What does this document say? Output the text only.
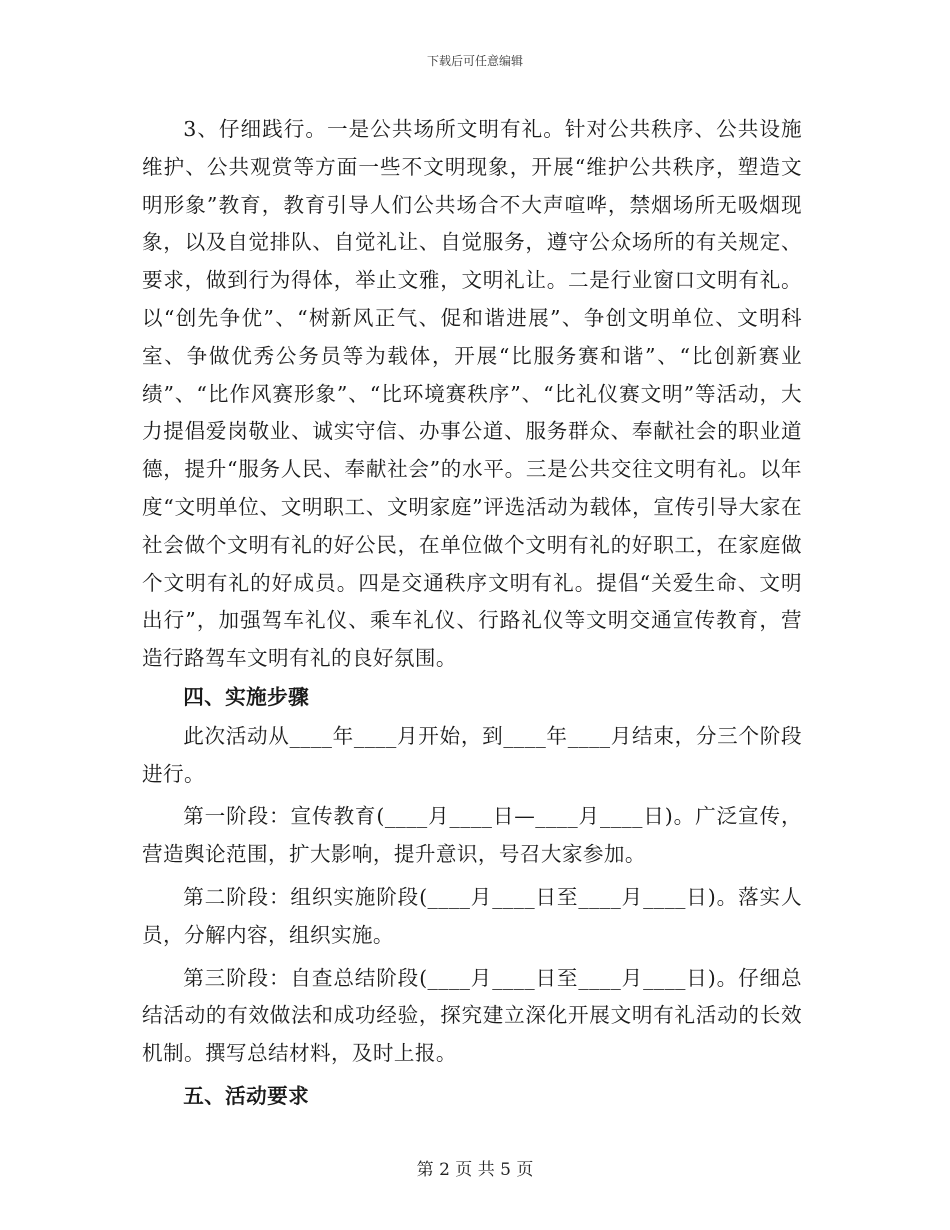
下载后可任意编辑

3、仔细践行。一是公共场所文明有礼。针对公共秩序、公共设施维护、公共观赏等方面一些不文明现象，开展“维护公共秩序，塑造文明形象”教育，教育引导人们公共场合不大声喧哗，禁烟场所无吸烟现象，以及自觉排队、自觉礼让、自觉服务，遵守公众场所的有关规定、要求，做到行为得体，举止文雅，文明礼让。二是行业窗口文明有礼。以“创先争优”、“树新风正气、促和谐进展”、争创文明单位、文明科室、争做优秀公务员等为载体，开展“比服务赛和谐”、“比创新赛业绩”、“比作风赛形象”、“比环境赛秩序”、“比礼仪赛文明”等活动，大力提倡爱岗敬业、诚实守信、办事公道、服务群众、奉献社会的职业道德，提升“服务人民、奉献社会”的水平。三是公共交往文明有礼。以年度“文明单位、文明职工、文明家庭”评选活动为载体，宣传引导大家在社会做个文明有礼的好公民，在单位做个文明有礼的好职工，在家庭做个文明有礼的好成员。四是交通秩序文明有礼。提倡“关爱生命、文明出行”，加强驾车礼仪、乘车礼仪、行路礼仪等文明交通宣传教育，营造行路驾车文明有礼的良好氛围。

四、实施步骤

此次活动从____年____月开始，到____年____月结束，分三个阶段进行。

第一阶段：宣传教育(____月____日—____月____日)。广泛宣传，营造舆论范围，扩大影响，提升意识，号召大家参加。

第二阶段：组织实施阶段(____月____日至____月____日)。落实人员，分解内容，组织实施。

第三阶段：自查总结阶段(____月____日至____月____日)。仔细总结活动的有效做法和成功经验，探究建立深化开展文明有礼活动的长效机制。撰写总结材料，及时上报。

五、活动要求

第 2 页 共 5 页
